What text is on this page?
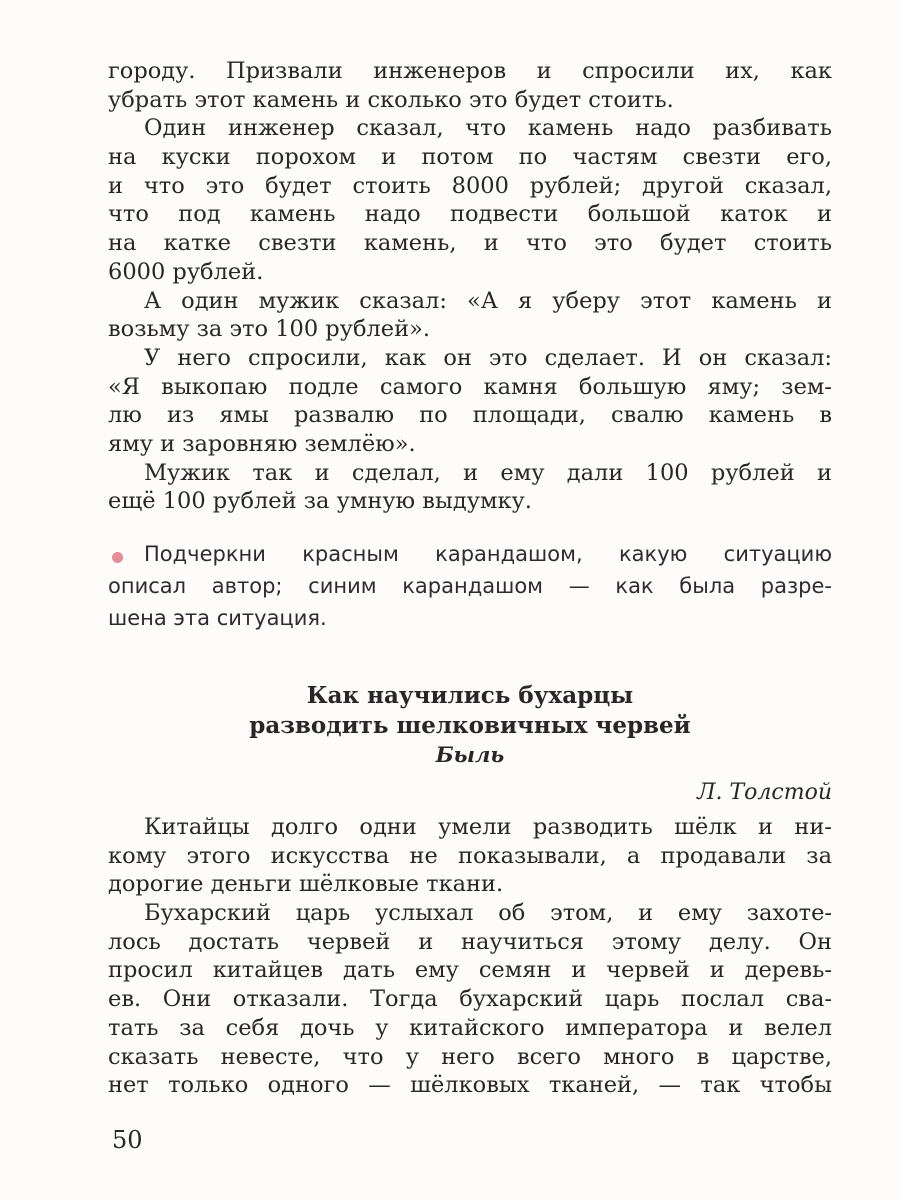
городу. Призвали инженеров и спросили их, как
убрать этот камень и сколько это будет стоить.
Один инженер сказал, что камень надо разбивать
на куски порохом и потом по частям свезти его,
и что это будет стоить 8000 рублей; другой сказал,
что под камень надо подвести большой каток и
на катке свезти камень, и что это будет стоить
6000 рублей.
А один мужик сказал: «А я уберу этот камень и
возьму за это 100 рублей».
У него спросили, как он это сделает. И он сказал:
«Я выкопаю подле самого камня большую яму; зем-
лю из ямы развалю по площади, свалю камень в
яму и заровняю землёю».
Мужик так и сделал, и ему дали 100 рублей и
ещё 100 рублей за умную выдумку.
Подчеркни красным карандашом, какую ситуацию
описал автор; синим карандашом — как была разре-
шена эта ситуация.
Как научились бухарцы
разводить шелковичных червей
Быль
Л. Толстой
Китайцы долго одни умели разводить шёлк и ни-
кому этого искусства не показывали, а продавали за
дорогие деньги шёлковые ткани.
Бухарский царь услыхал об этом, и ему захоте-
лось достать червей и научиться этому делу. Он
просил китайцев дать ему семян и червей и деревь-
ев. Они отказали. Тогда бухарский царь послал сва-
тать за себя дочь у китайского императора и велел
сказать невесте, что у него всего много в царстве,
нет только одного — шёлковых тканей, — так чтобы
50
